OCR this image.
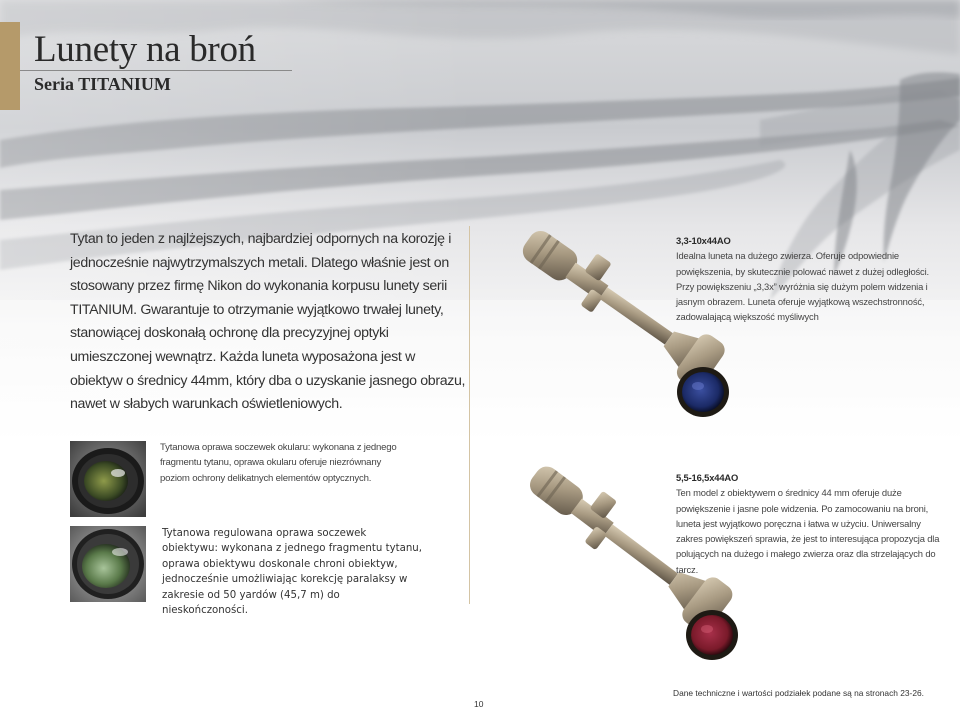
Lunety na broń
Seria TITANIUM

Tytan to jeden z najlżejszych, najbardziej odpornych na korozję i jednocześnie najwytrzymalszych metali. Dlatego właśnie jest on stosowany przez firmę Nikon do wykonania korpusu lunety serii TITANIUM. Gwarantuje to otrzymanie wyjątkowo trwałej lunety, stanowiącej doskonałą ochronę dla precyzyjnej optyki umieszczonej wewnątrz. Każda luneta wyposażona jest w obiektyw o średnicy 44mm, który dba o uzyskanie jasnego obrazu, nawet w słabych warunkach oświetleniowych.

Tytanowa oprawa soczewek okularu: wykonana z jednego fragmentu tytanu, oprawa okularu oferuje niezrównany poziom ochrony delikatnych elementów optycznych.
Tytanowa regulowana oprawa soczewek obiektywu: wykonana z jednego fragmentu tytanu, oprawa obiektywu doskonale chroni obiektyw, jednocześnie umożliwiając korekcję paralaksy w zakresie od 50 yardów (45,7 m) do nieskończoności.
3,3-10x44AO
Idealna luneta na dużego zwierza. Oferuje odpowiednie powiększenia, by skutecznie polować nawet z dużej odległości. Przy powiększeniu „3,3x” wyróżnia się dużym polem widzenia i jasnym obrazem. Luneta oferuje wyjątkową wszechstronność, zadowalającą większość myśliwych
5,5-16,5x44AO
Ten model z obiektywem o średnicy 44 mm oferuje duże powiększenie i jasne pole widzenia. Po zamocowaniu na broni, luneta jest wyjątkowo poręczna i łatwa w użyciu. Uniwersalny zakres powiększeń sprawia, że jest to interesująca propozycja dla polujących na dużego i małego zwierza oraz dla strzelających do tarcz.
10
Dane techniczne i wartości podziałek podane są na stronach 23-26.
